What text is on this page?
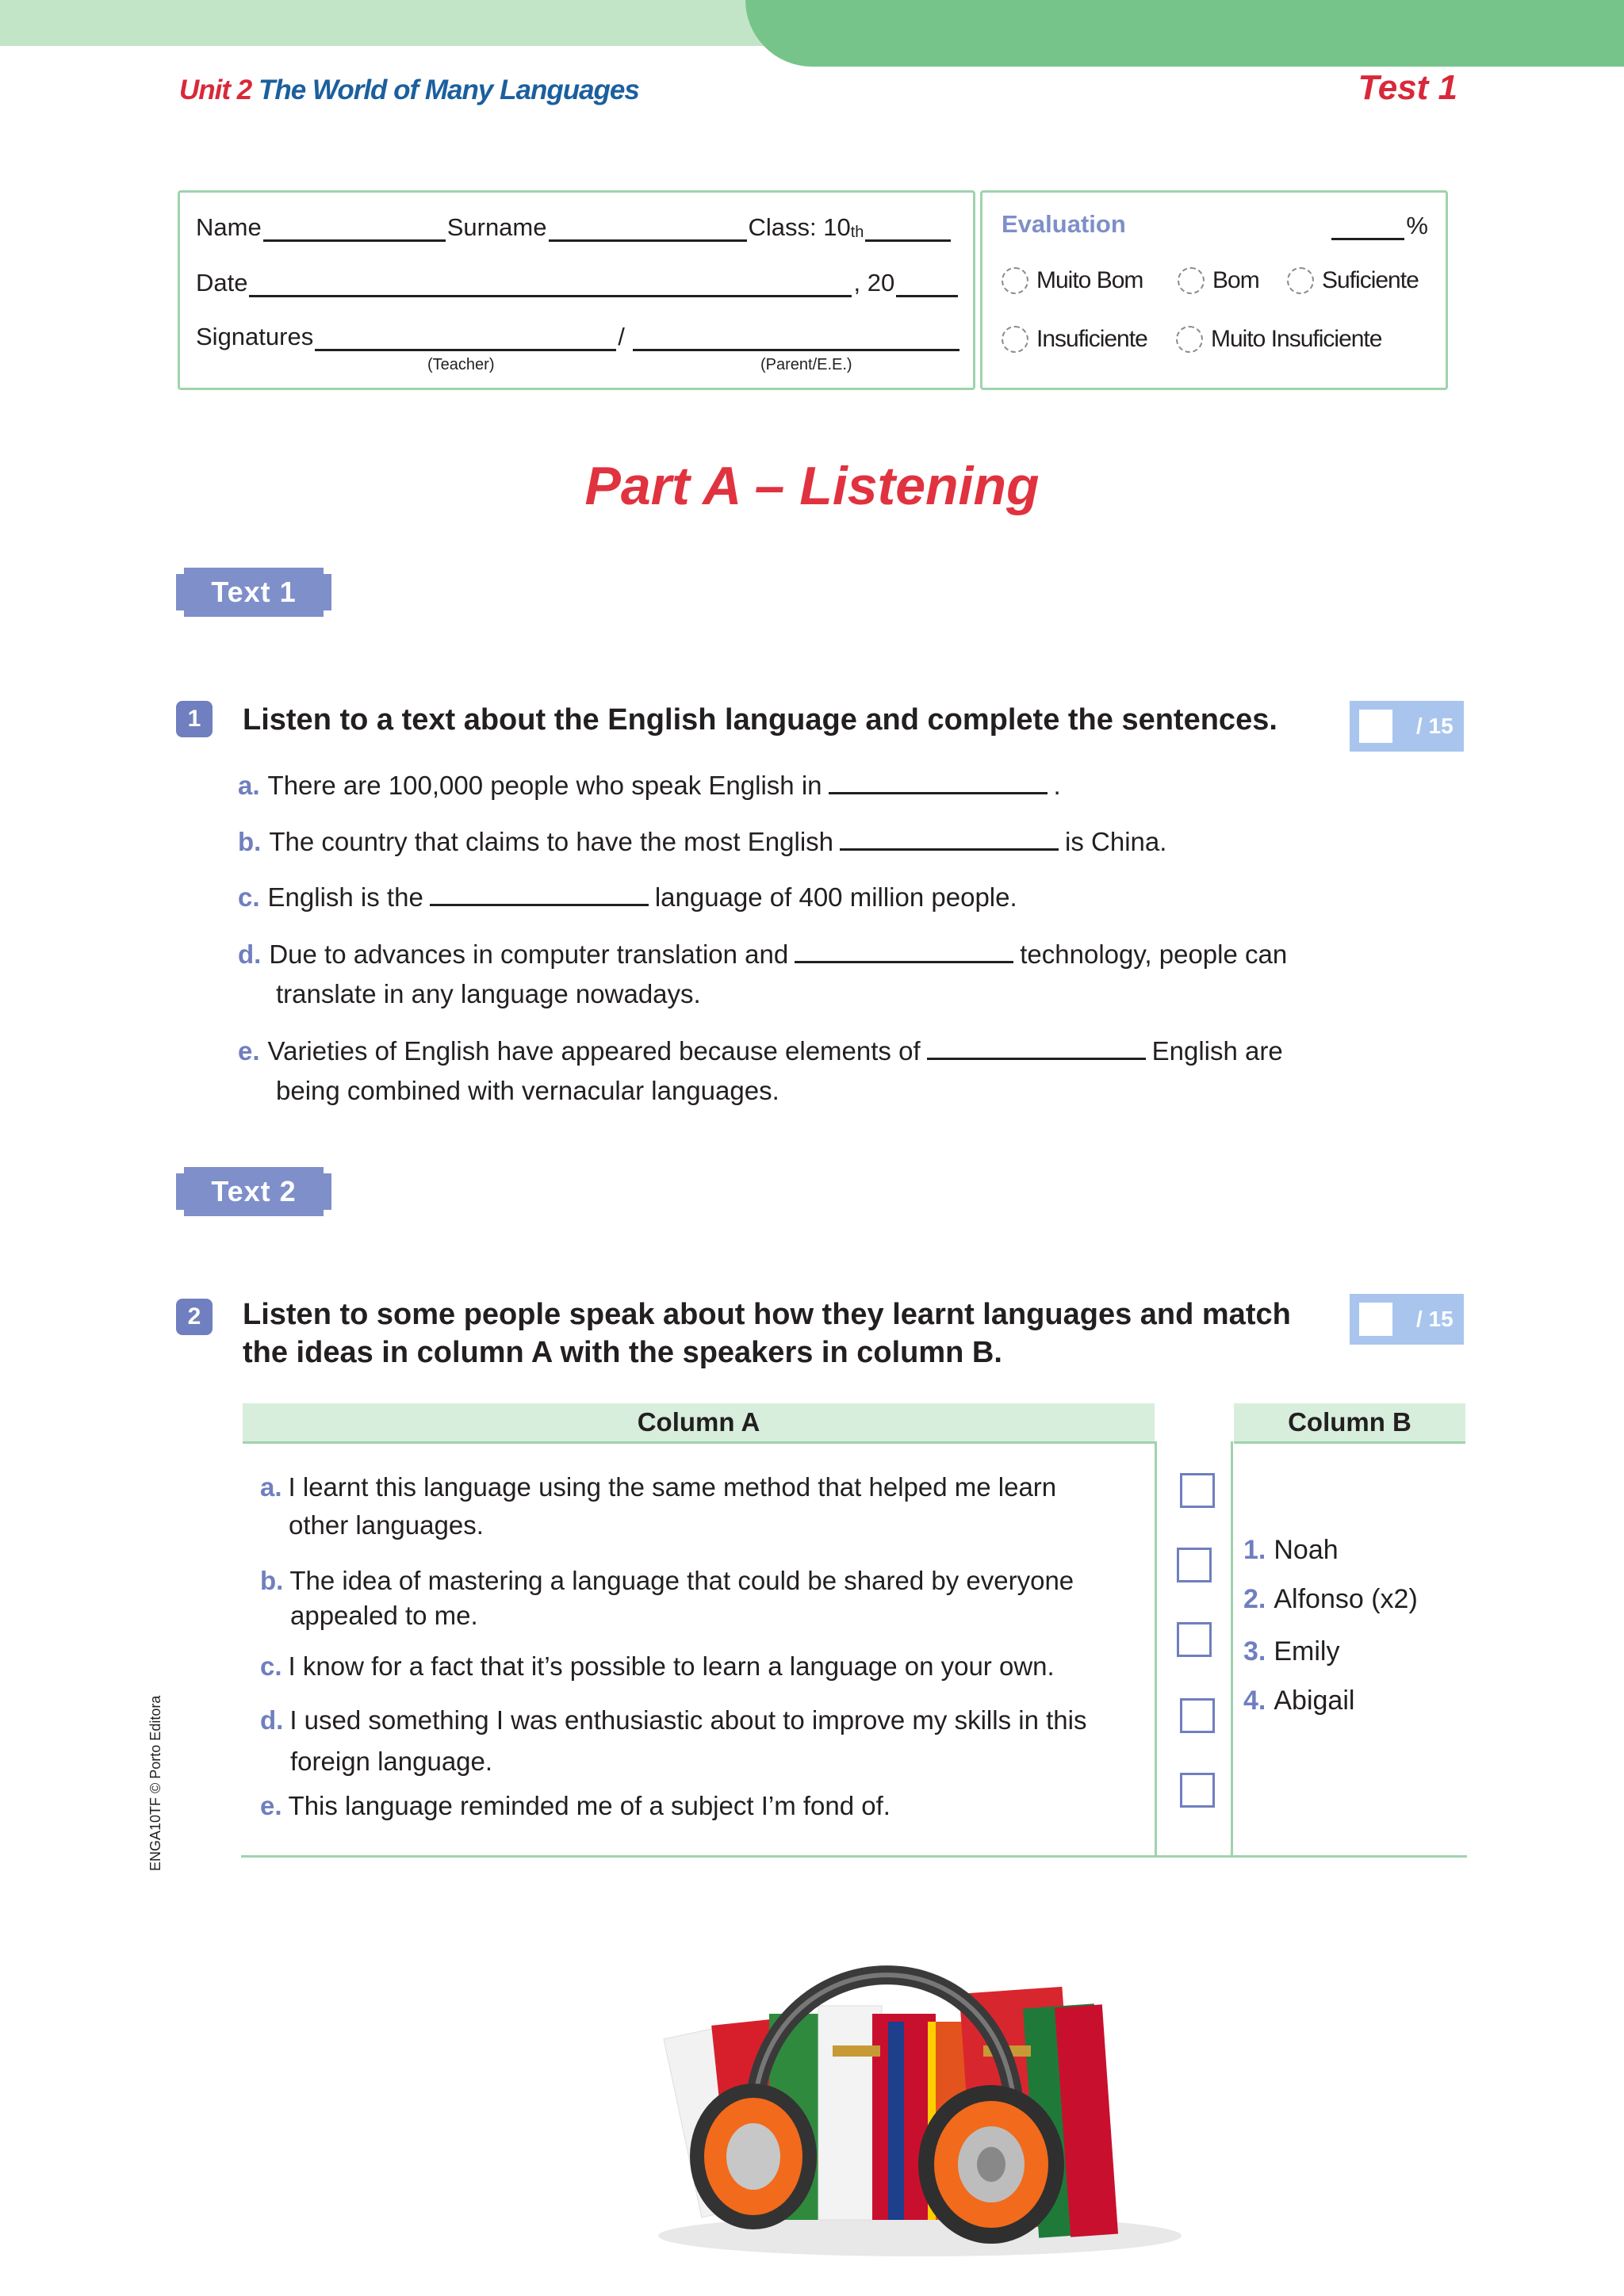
Unit 2 The World of Many Languages	Test 1
Name	Surname	Class: 10 th
Date	, 20
Signatures	/
(Teacher)	(Parent/E.E.)
Evaluation	%
Muito Bom	Bom	Suficiente
Insuficiente	Muito Insuficiente
Part A – Listening
Text 1
1	Listen to a text about the English language and complete the sentences.	/ 15
a. There are 100,000 people who speak English in	.
b. The country that claims to have the most English	is China.
c. English is the	language of 400 million people.
d. Due to advances in computer translation and	technology, people can
translate in any language nowadays.
e. Varieties of English have appeared because elements of	English are
being combined with vernacular languages.
Text 2
2	Listen to some people speak about how they learnt languages and match
the ideas in column A with the speakers in column B.
/ 15
Column A	Column B
a. I learnt this language using the same method that helped me learn
other languages.
b. The idea of mastering a language that could be shared by everyone
appealed to me.
c. I know for a fact that it’s possible to learn a language on your own.
d. I used something I was enthusiastic about to improve my skills in this
foreign language.
e. This language reminded me of a subject I’m fond of.
1. Noah
2. Alfonso (x2)
3. Emily
4. Abigail
ENGA10TF © Porto Editora
